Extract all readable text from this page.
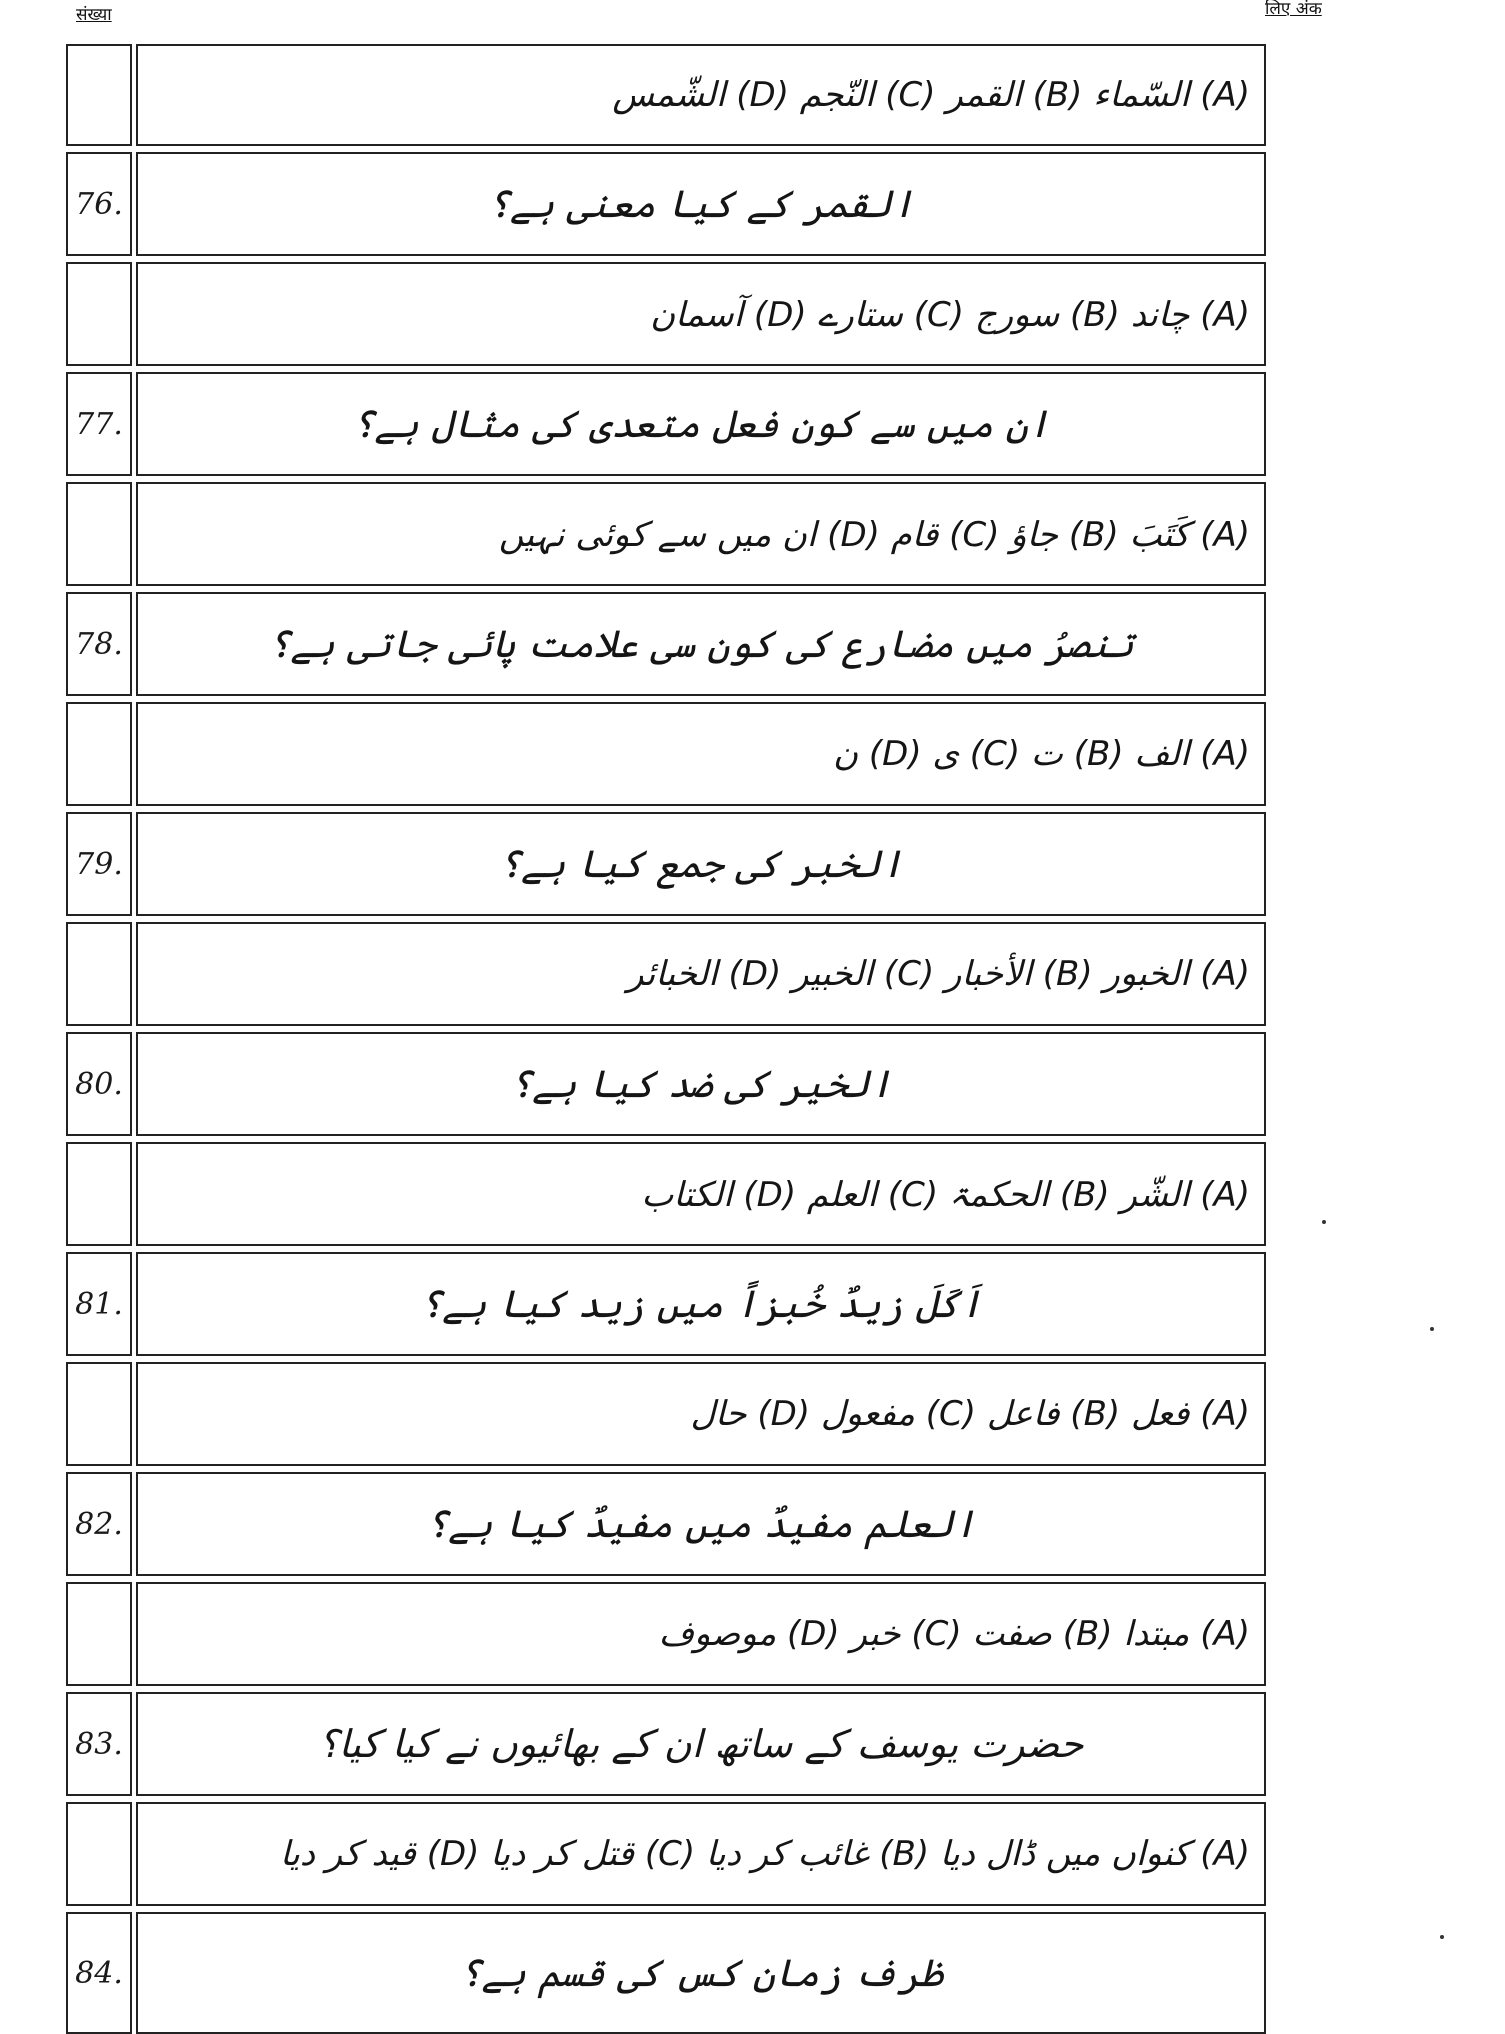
संख्या	लिए अंक
(A) السّماء (B) القمر (C) النّجم (D) الشّمس
76.	القمر کے کیا معنی ہے؟
(A) چاند (B) سورج (C) ستارے (D) آسمان
77.	ان میں سے کون فعل متعدی کی مثال ہے؟
(A) کَتَبَ (B) جاؤ (C) قام (D) ان میں سے کوئی نہیں
78.	تنصرُ میں مضارع کی کون سی علامت پائی جاتی ہے؟
(A) الف (B) ت (C) ی (D) ن
79.	الخبر کی جمع کیا ہے؟
(A) الخبور (B) الأخبار (C) الخبیر (D) الخبائر
80.	الخیر کی ضد کیا ہے؟
(A) الشّر (B) الحکمۃ (C) العلم (D) الکتاب
81.	اَکَلَ زیدٌ خُبزاً میں زید کیا ہے؟
(A) فعل (B) فاعل (C) مفعول (D) حال
82.	العلم مفیدٌ میں مفیدٌ کیا ہے؟
(A) مبتدا (B) صفت (C) خبر (D) موصوف
83.	حضرت یوسف کے ساتھ ان کے بھائیوں نے کیا کیا؟
(A) کنواں میں ڈال دیا (B) غائب کر دیا (C) قتل کر دیا (D) قید کر دیا
84.	ظرف زمان کس کی قسم ہے؟
